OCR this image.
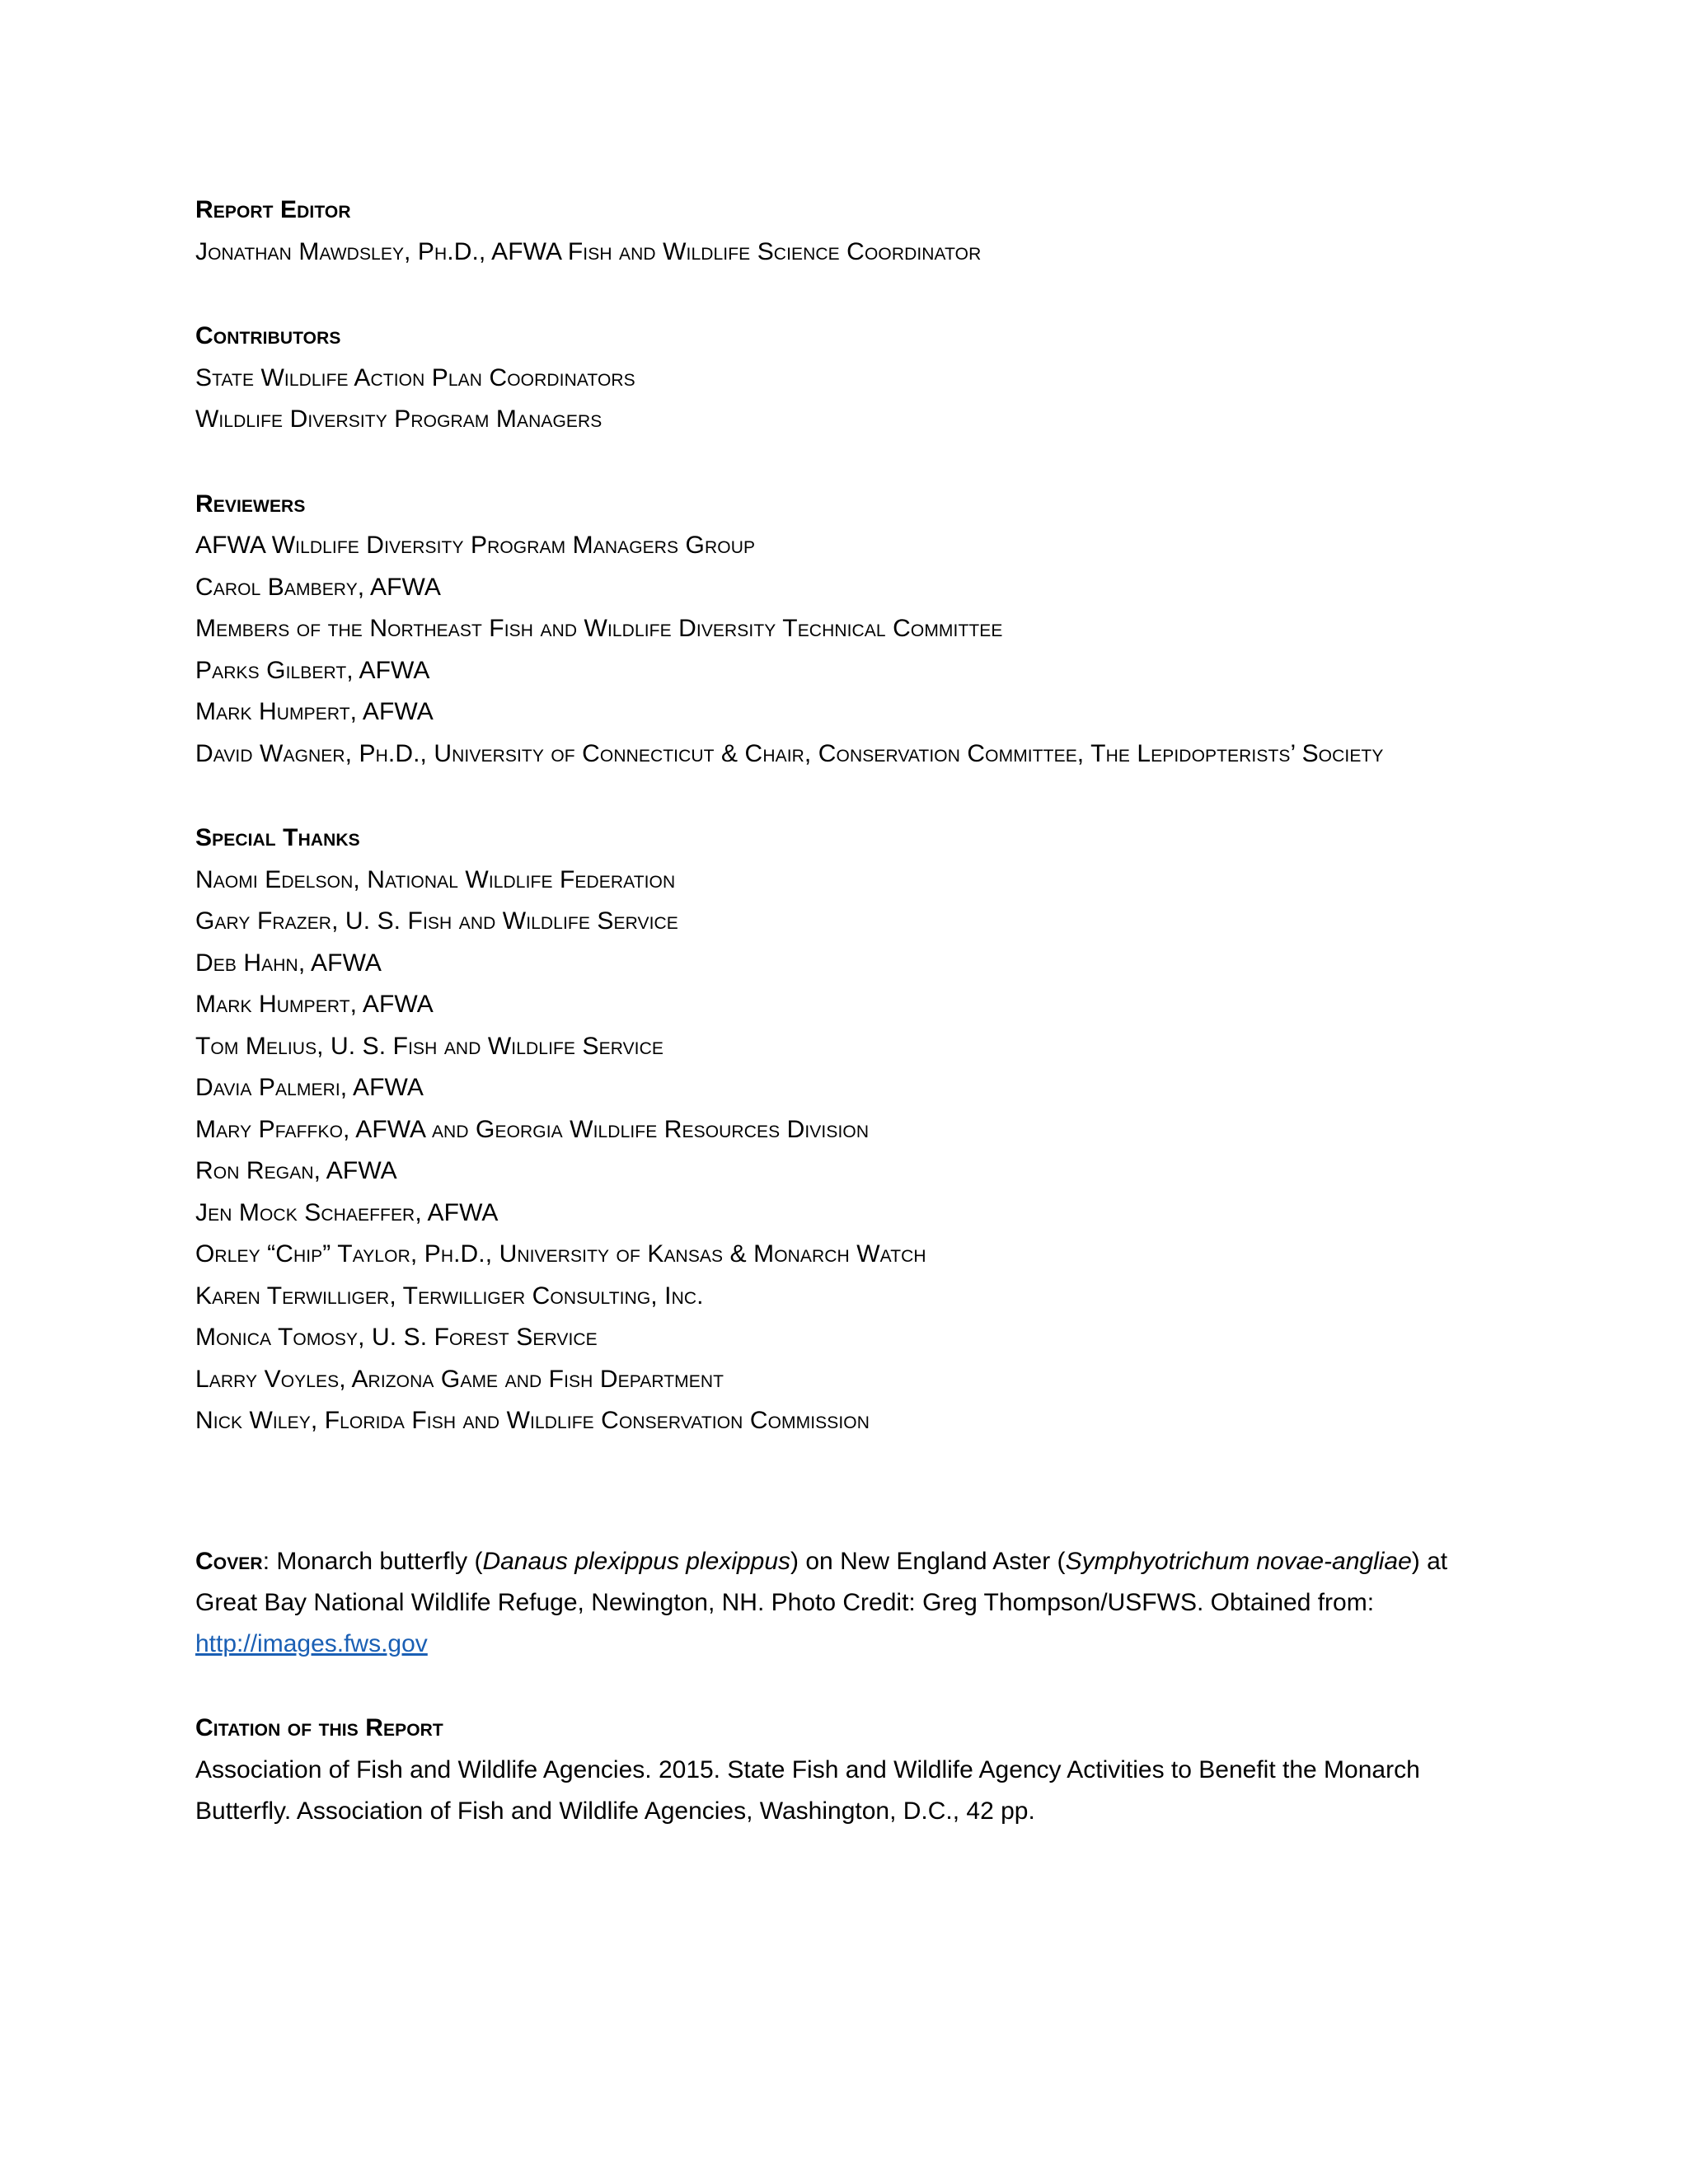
Report Editor
Jonathan Mawdsley, Ph.D., AFWA Fish and Wildlife Science Coordinator
Contributors
State Wildlife Action Plan Coordinators
Wildlife Diversity Program Managers
Reviewers
AFWA Wildlife Diversity Program Managers Group
Carol Bambery, AFWA
Members of the Northeast Fish and Wildlife Diversity Technical Committee
Parks Gilbert, AFWA
Mark Humpert, AFWA
David Wagner, Ph.D., University of Connecticut & Chair, Conservation Committee, The Lepidopterists’ Society
Special Thanks
Naomi Edelson, National Wildlife Federation
Gary Frazer, U. S. Fish and Wildlife Service
Deb Hahn, AFWA
Mark Humpert, AFWA
Tom Melius, U. S. Fish and Wildlife Service
Davia Palmeri, AFWA
Mary Pfaffko, AFWA and Georgia Wildlife Resources Division
Ron Regan, AFWA
Jen Mock Schaeffer, AFWA
Orley “Chip” Taylor, Ph.D., University of Kansas & Monarch Watch
Karen Terwilliger, Terwilliger Consulting, Inc.
Monica Tomosy, U. S. Forest Service
Larry Voyles, Arizona Game and Fish Department
Nick Wiley, Florida Fish and Wildlife Conservation Commission
Cover: Monarch butterfly (Danaus plexippus plexippus) on New England Aster (Symphyotrichum novae-angliae) at Great Bay National Wildlife Refuge, Newington, NH. Photo Credit: Greg Thompson/USFWS. Obtained from: http://images.fws.gov
Citation of this Report
Association of Fish and Wildlife Agencies. 2015. State Fish and Wildlife Agency Activities to Benefit the Monarch Butterfly. Association of Fish and Wildlife Agencies, Washington, D.C., 42 pp.
